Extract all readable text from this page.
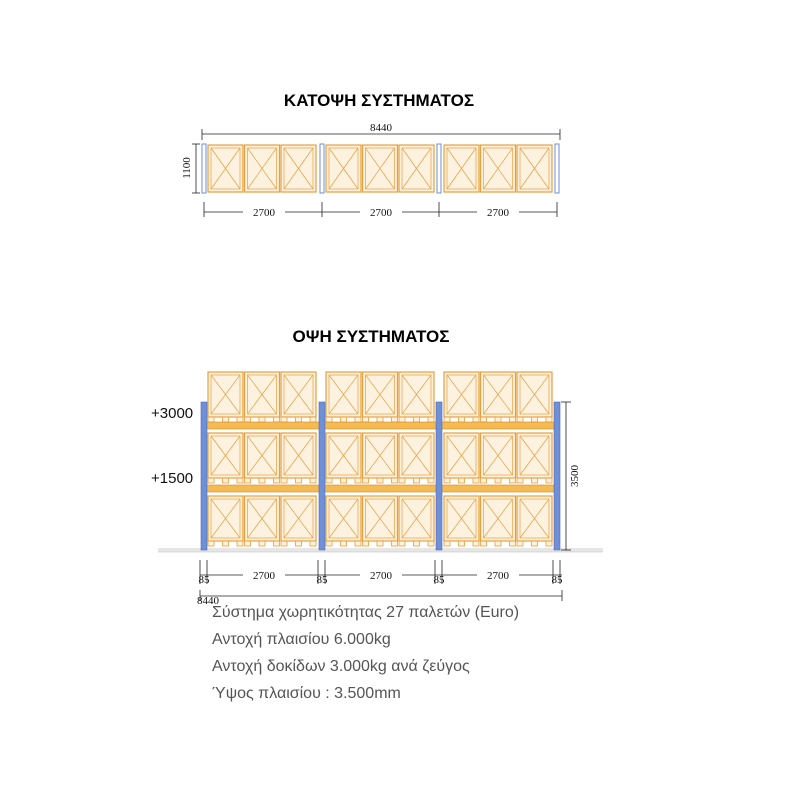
ΚΑΤΟΨΗ ΣΥΣΤΗΜΑΤΟΣ
8440
1100
2700	2700	2700
ΟΨΗ ΣΥΣΤΗΜΑΤΟΣ
+3000
+1500	3500
2700	2700	2700
85	85	85	85
8440
Σύστημα χωρητικότητας 27 παλετών (Euro)
Αντοχή πλαισίου 6.000kg
Αντοχή δοκίδων 3.000kg ανά ζεύγος
Ύψος πλαισίου : 3.500mm
